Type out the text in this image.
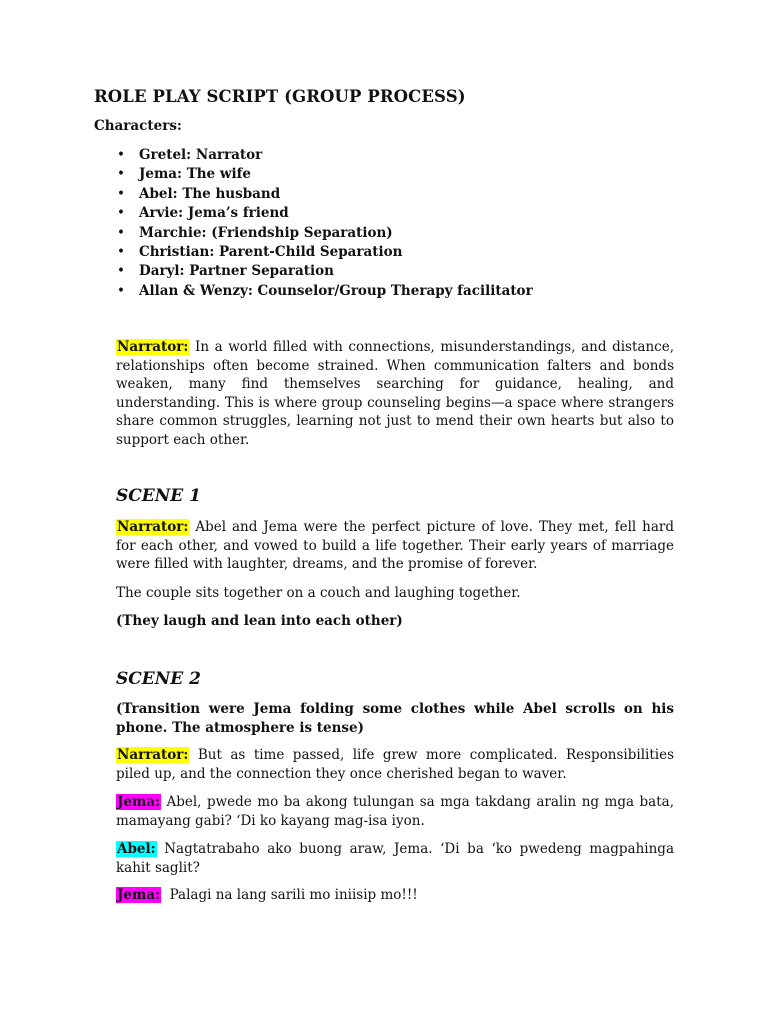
ROLE PLAY SCRIPT (GROUP PROCESS)

Characters:

• Gretel: Narrator
• Jema: The wife
• Abel: The husband
• Arvie: Jema’s friend
• Marchie: (Friendship Separation)
• Christian: Parent-Child Separation
• Daryl: Partner Separation
• Allan & Wenzy: Counselor/Group Therapy facilitator

Narrator: In a world filled with connections, misunderstandings, and distance, relationships often become strained. When communication falters and bonds weaken, many find themselves searching for guidance, healing, and understanding. This is where group counseling begins—a space where strangers share common struggles, learning not just to mend their own hearts but also to support each other.

SCENE 1

Narrator: Abel and Jema were the perfect picture of love. They met, fell hard for each other, and vowed to build a life together. Their early years of marriage were filled with laughter, dreams, and the promise of forever.

The couple sits together on a couch and laughing together.

(They laugh and lean into each other)

SCENE 2

(Transition were Jema folding some clothes while Abel scrolls on his phone. The atmosphere is tense)

Narrator: But as time passed, life grew more complicated. Responsibilities piled up, and the connection they once cherished began to waver.

Jema: Abel, pwede mo ba akong tulungan sa mga takdang aralin ng mga bata, mamayang gabi? ‘Di ko kayang mag-isa iyon.

Abel: Nagtatrabaho ako buong araw, Jema. ‘Di ba ‘ko pwedeng magpahinga kahit saglit?

Jema:  Palagi na lang sarili mo iniisip mo!!!
